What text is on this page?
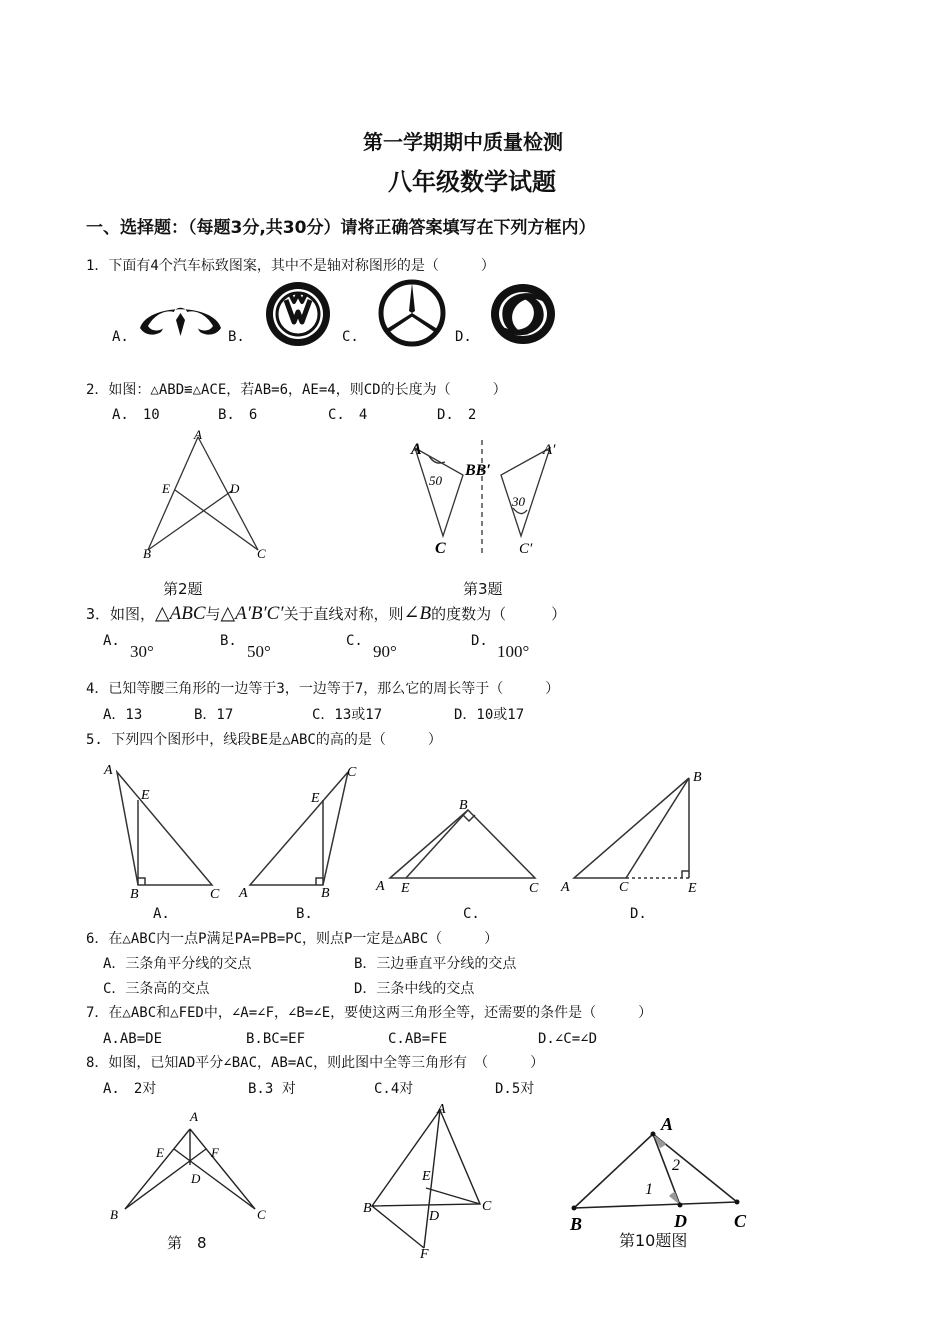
第一学期期中质量检测
八年级数学试题
一、选择题：（每题3分,共30分）请将正确答案填写在下列方框内）
1．下面有4个汽车标致图案，其中不是轴对称图形的是（　　　）
A.	B.	C.	D.
2．如图：△ABD≌△ACE，若AB=6，AE=4，则CD的长度为（　　　）
A.　10	B.　6	C.　4	D.　2
A
E	D
B	C
第2题
A
BB′
A′
C	C′
50
30
第3题
3．如图，△ABC与△A′B′C′关于直线对称，则∠B的度数为（　　　）
A.
30°
B.
50°
C.
90°
D.
100°
4．已知等腰三角形的一边等于3，一边等于7，那么它的周长等于（　　　）
A．13	B．17	C．13或17	D．10或17
5. 下列四个图形中，线段BE是△ABC的高的是（　　　）
A
E
B	C
A.
C
E
A	B
B.
B
A E	C
C.
B
A	C	E
D.
6．在△ABC内一点P满足PA=PB=PC，则点P一定是△ABC（　　　）
A．三条角平分线的交点	B．三边垂直平分线的交点
C．三条高的交点	D．三条中线的交点
7．在△ABC和△FED中，∠A=∠F，∠B=∠E，要使这两三角形全等，还需要的条件是（　　　）
A.AB=DE	B.BC=EF	C.AB=FE	D.∠C=∠D
8．如图，已知AD平分∠BAC，AB=AC，则此图中全等三角形有　（　　　）
A.　2对	B.3 对	C.4对	D.5对
A
E	F
D
B	C
第　8
A
E
B	C
D
F
A
2
1
B	D	C
第10题图
